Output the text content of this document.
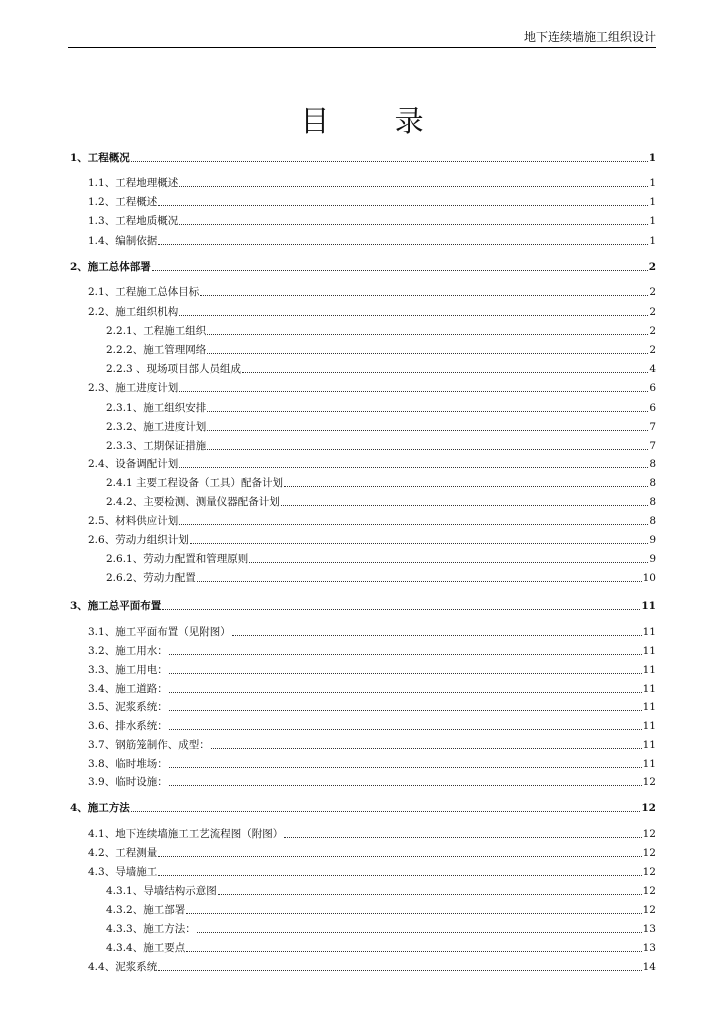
地下连续墙施工组织设计
目 录
1、工程概况	1
1.1、工程地理概述	1
1.2、工程概述	1
1.3、工程地质概况	1
1.4、编制依据	1
2、施工总体部署	2
2.1、工程施工总体目标	2
2.2、施工组织机构	2
2.2.1、工程施工组织	2
2.2.2、施工管理网络	2
2.2.3 、现场项目部人员组成	4
2.3、施工进度计划	6
2.3.1、施工组织安排	6
2.3.2、施工进度计划	7
2.3.3、工期保证措施	7
2.4、设备调配计划	8
2.4.1 主要工程设备（工具）配备计划	8
2.4.2、主要检测、测量仪器配备计划	8
2.5、材料供应计划	8
2.6、劳动力组织计划	9
2.6.1、劳动力配置和管理原则	9
2.6.2、劳动力配置	10
3、施工总平面布置	11
3.1、施工平面布置（见附图）	11
3.2、施工用水：	11
3.3、施工用电：	11
3.4、施工道路：	11
3.5、泥浆系统：	11
3.6、排水系统：	11
3.7、钢筋笼制作、成型：	11
3.8、临时堆场：	11
3.9、临时设施：	12
4、施工方法	12
4.1、地下连续墙施工工艺流程图（附图）	12
4.2、工程测量	12
4.3、导墙施工	12
4.3.1、导墙结构示意图	12
4.3.2、施工部署	12
4.3.3、施工方法：	13
4.3.4、施工要点	13
4.4、泥浆系统	14
